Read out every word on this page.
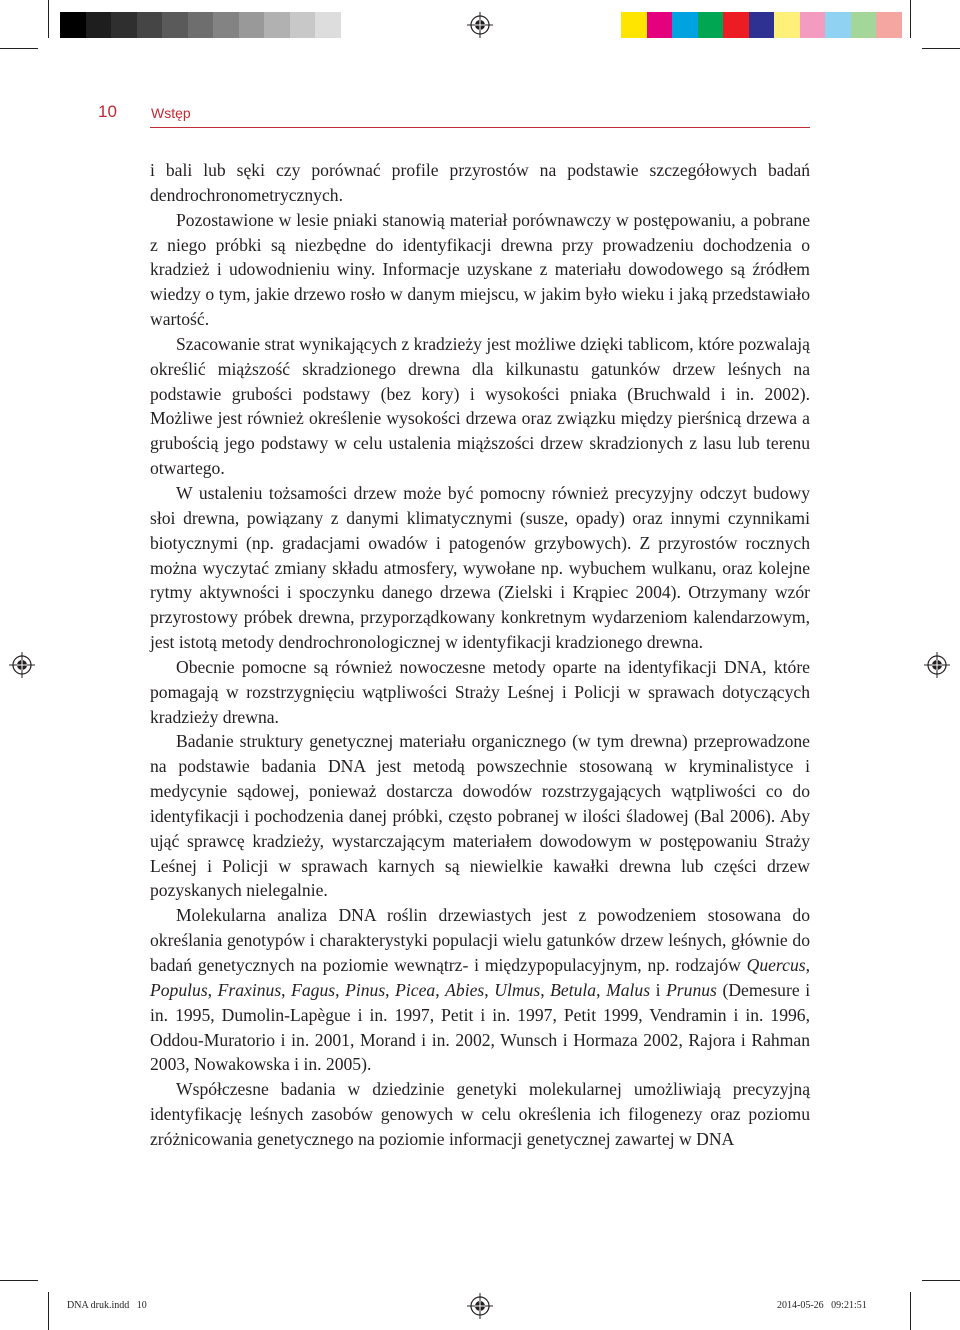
10 Wstęp

i bali lub sęki czy porównać profile przyrostów na podstawie szczegółowych badań dendrochronometrycznych.

Pozostawione w lesie pniaki stanowią materiał porównawczy w postępowaniu, a pobrane z niego próbki są niezbędne do identyfikacji drewna przy prowadzeniu dochodzenia o kradzież i udowodnieniu winy. Informacje uzyskane z materiału dowodowego są źródłem wiedzy o tym, jakie drzewo rosło w danym miejscu, w jakim było wieku i jaką przedstawiało wartość.

Szacowanie strat wynikających z kradzieży jest możliwe dzięki tablicom, które pozwalają określić miąższość skradzionego drewna dla kilkunastu gatunków drzew leśnych na podstawie grubości podstawy (bez kory) i wysokości pniaka (Bruchwald i in. 2002). Możliwe jest również określenie wysokości drzewa oraz związku między pierśnicą drzewa a grubością jego podstawy w celu ustalenia miąższości drzew skradzionych z lasu lub terenu otwartego.

W ustaleniu tożsamości drzew może być pomocny również precyzyjny odczyt budowy słoi drewna, powiązany z danymi klimatycznymi (susze, opady) oraz innymi czynnikami biotycznymi (np. gradacjami owadów i patogenów grzybowych). Z przyrostów rocznych można wyczytać zmiany składu atmosfery, wywołane np. wybuchem wulkanu, oraz kolejne rytmy aktywności i spoczynku danego drzewa (Zielski i Krąpiec 2004). Otrzymany wzór przyrostowy próbek drewna, przyporządkowany konkretnym wydarzeniom kalendarzowym, jest istotą metody dendrochronologicznej w identyfikacji kradzionego drewna.

Obecnie pomocne są również nowoczesne metody oparte na identyfikacji DNA, które pomagają w rozstrzygnięciu wątpliwości Straży Leśnej i Policji w sprawach dotyczących kradzieży drewna.

Badanie struktury genetycznej materiału organicznego (w tym drewna) przeprowadzone na podstawie badania DNA jest metodą powszechnie stosowaną w kryminalistyce i medycynie sądowej, ponieważ dostarcza dowodów rozstrzygających wątpliwości co do identyfikacji i pochodzenia danej próbki, często pobranej w ilości śladowej (Bal 2006). Aby ująć sprawcę kradzieży, wystarczającym materiałem dowodowym w postępowaniu Straży Leśnej i Policji w sprawach karnych są niewielkie kawałki drewna lub części drzew pozyskanych nielegalnie.

Molekularna analiza DNA roślin drzewiastych jest z powodzeniem stosowana do określania genotypów i charakterystyki populacji wielu gatunków drzew leśnych, głównie do badań genetycznych na poziomie wewnątrz- i międzypopulacyjnym, np. rodzajów Quercus, Populus, Fraxinus, Fagus, Pinus, Picea, Abies, Ulmus, Betula, Malus i Prunus (Demesure i in. 1995, Dumolin-Lapègue i in. 1997, Petit i in. 1997, Petit 1999, Vendramin i in. 1996, Oddou-Muratorio i in. 2001, Morand i in. 2002, Wunsch i Hormaza 2002, Rajora i Rahman 2003, Nowakowska i in. 2005).

Współczesne badania w dziedzinie genetyki molekularnej umożliwiają precyzyjną identyfikację leśnych zasobów genowych w celu określenia ich filogenezy oraz poziomu zróżnicowania genetycznego na poziomie informacji genetycznej zawartej w DNA

DNA druk.indd   10	2014-05-26   09:21:51
